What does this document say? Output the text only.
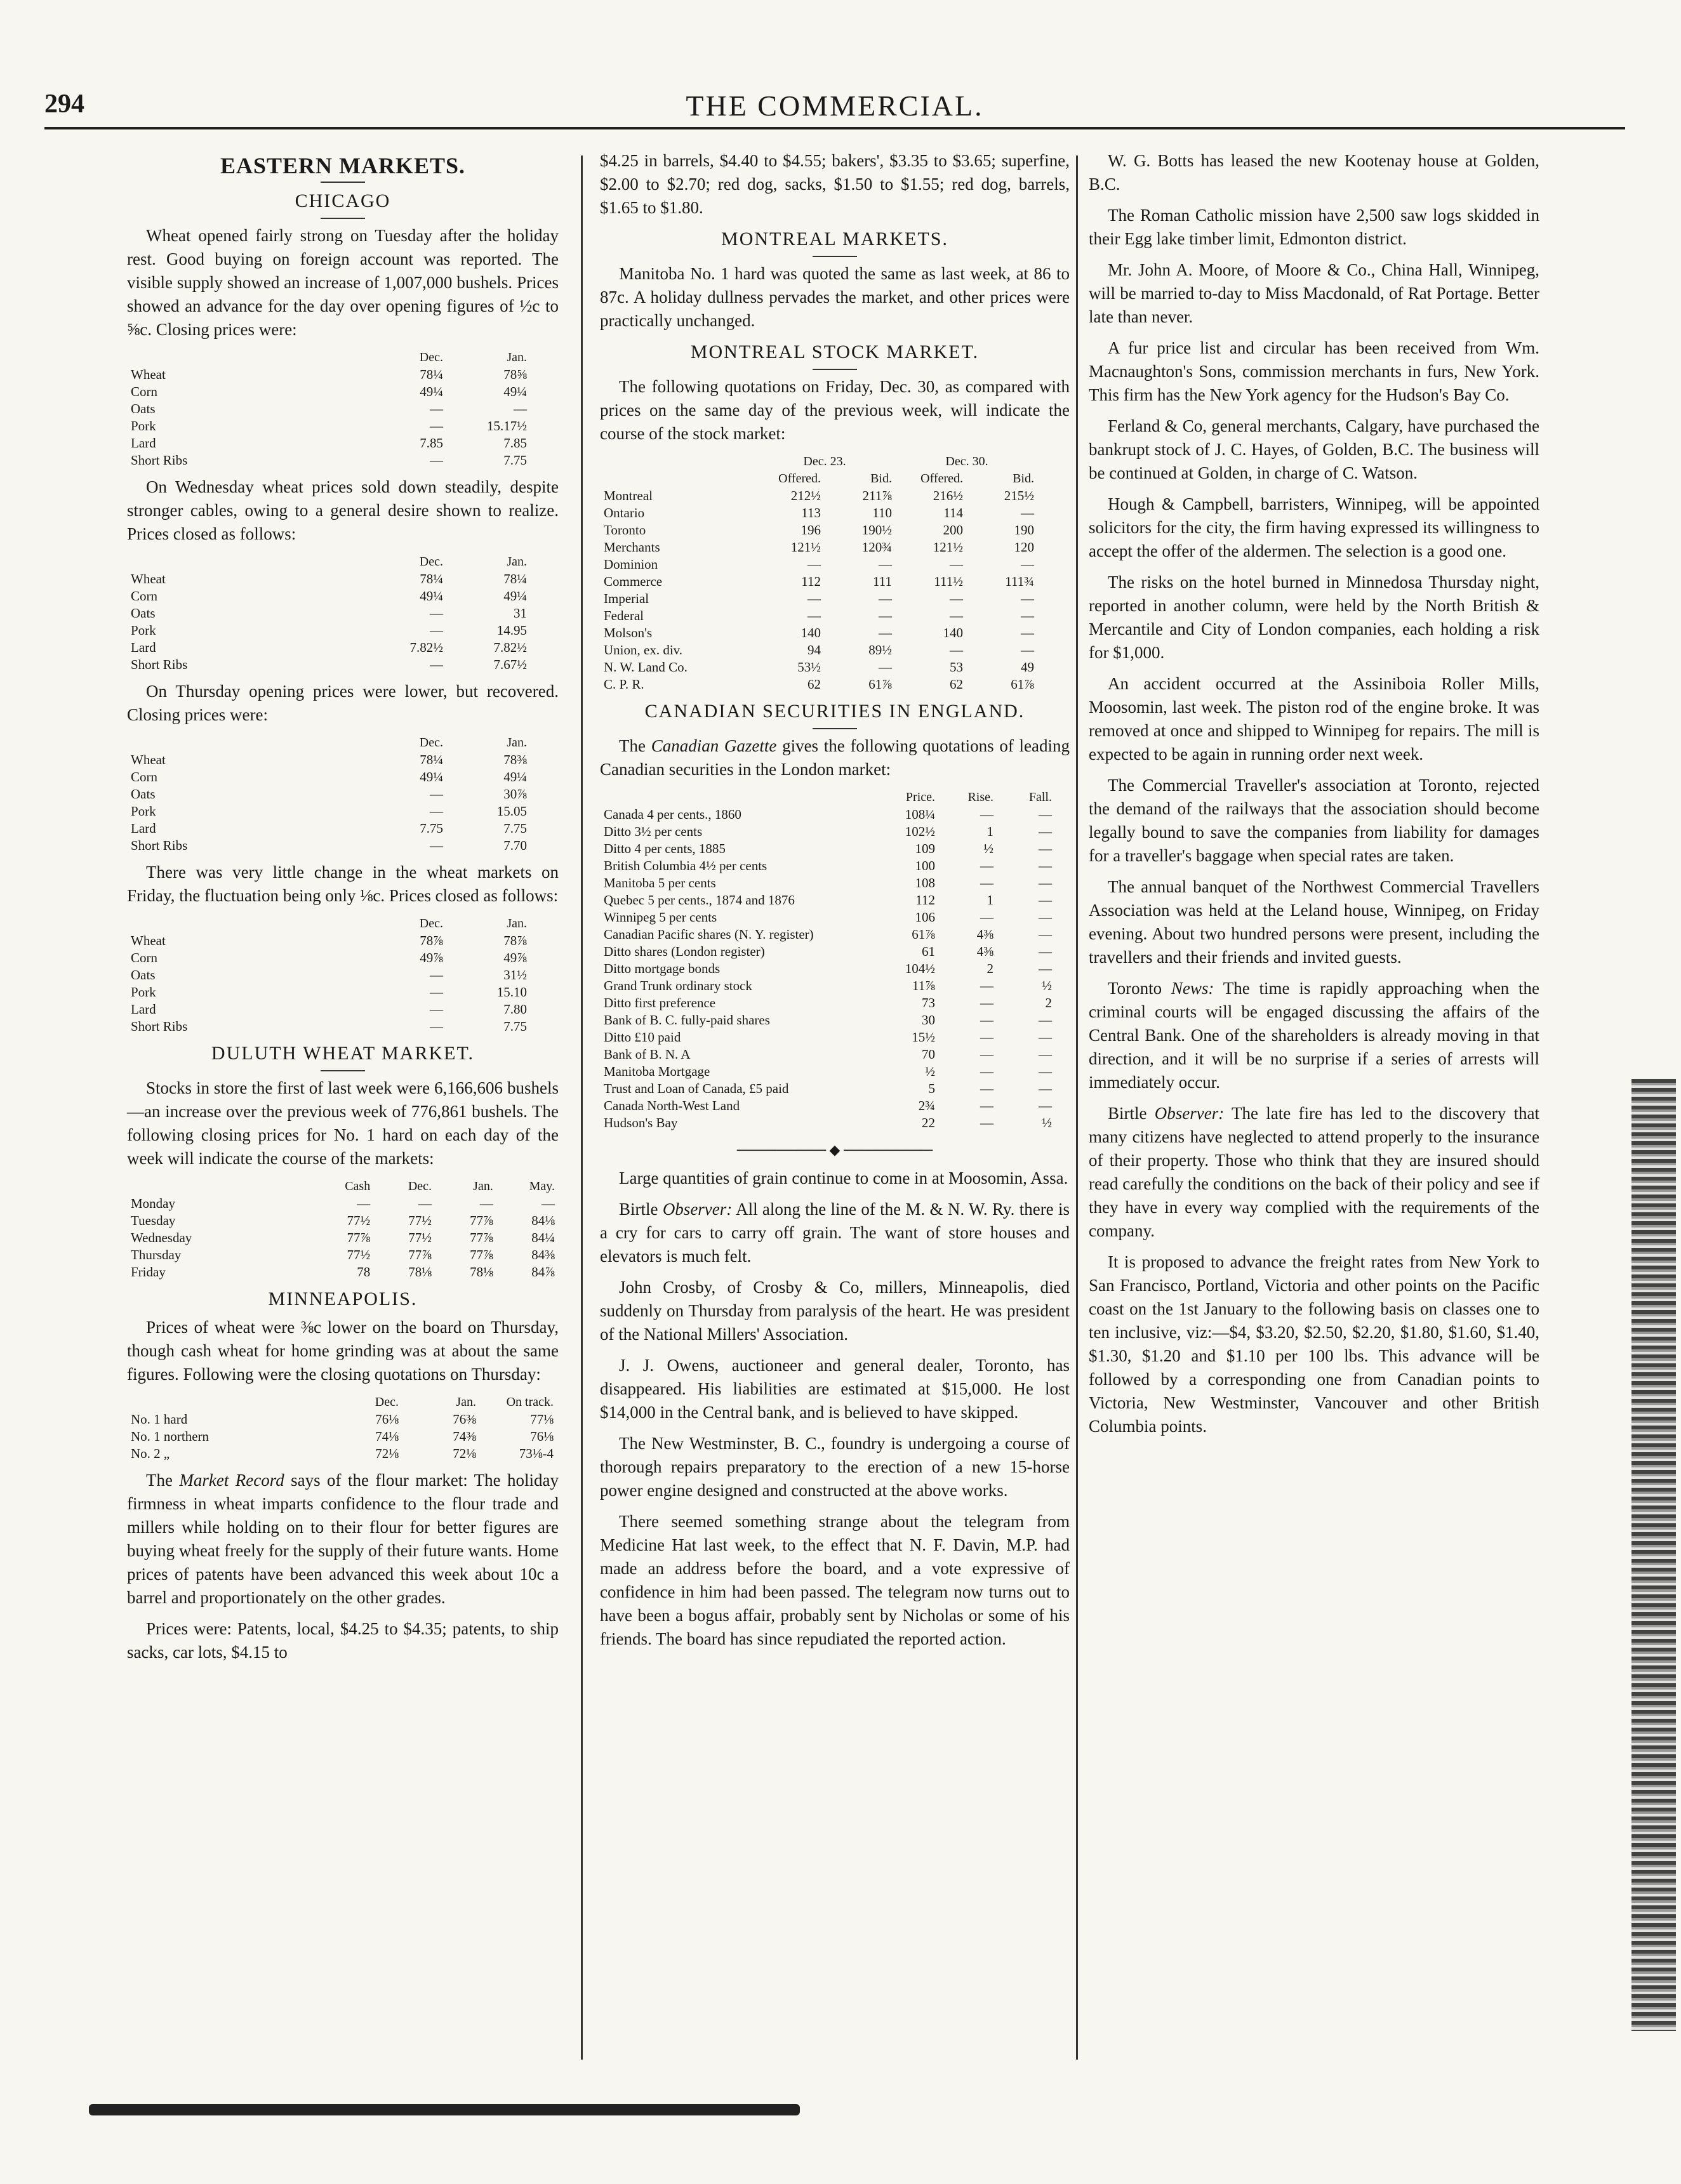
294	THE COMMERCIAL.
EASTERN MARKETS.
CHICAGO

Wheat opened fairly strong on Tuesday after the holiday rest. Good buying on foreign account was reported. The visible supply showed an increase of 1,007,000 bushels. Prices showed an advance for the day over opening figures of ½c to ⅝c. Closing prices were:

	Dec.	Jan.
Wheat	78¼	78⅝
Corn	49¼	49¼
Oats	—	—
Pork	—	15.17½
Lard	7.85	7.85
Short Ribs	—	7.75

On Wednesday wheat prices sold down steadily, despite stronger cables, owing to a general desire shown to realize. Prices closed as follows:

	Dec.	Jan.
Wheat	78¼	78¼
Corn	49¼	49¼
Oats	—	31
Pork	—	14.95
Lard	7.82½	7.82½
Short Ribs	—	7.67½

On Thursday opening prices were lower, but recovered. Closing prices were:

	Dec.	Jan.
Wheat	78¼	78⅜
Corn	49¼	49¼
Oats	—	30⅞
Pork	—	15.05
Lard	7.75	7.75
Short Ribs	—	7.70

There was very little change in the wheat markets on Friday, the fluctuation being only ⅛c. Prices closed as follows:

	Dec.	Jan.
Wheat	78⅞	78⅞
Corn	49⅞	49⅞
Oats	—	31½
Pork	—	15.10
Lard	—	7.80
Short Ribs	—	7.75
DULUTH WHEAT MARKET.

Stocks in store the first of last week were 6,166,606 bushels—an increase over the previous week of 776,861 bushels. The following closing prices for No. 1 hard on each day of the week will indicate the course of the markets:

	Cash	Dec.	Jan.	May.
Monday	—	—	—	—
Tuesday	77½	77½	77⅞	84⅛
Wednesday	77⅞	77½	77⅞	84¼
Thursday	77½	77⅞	77⅞	84⅜
Friday	78	78⅛	78⅛	84⅞
MINNEAPOLIS.

Prices of wheat were ⅜c lower on the board on Thursday, though cash wheat for home grinding was at about the same figures. Following were the closing quotations on Thursday:

	Dec.	Jan.	On track.
No. 1 hard	76⅛	76⅜	77⅛
No. 1 northern	74⅛	74⅜	76⅛
No. 2 „	72⅛	72⅛	73⅛-4

The Market Record says of the flour market: The holiday firmness in wheat imparts confidence to the flour trade and millers while holding on to their flour for better figures are buying wheat freely for the supply of their future wants. Home prices of patents have been advanced this week about 10c a barrel and proportionately on the other grades.

Prices were: Patents, local, $4.25 to $4.35; patents, to ship sacks, car lots, $4.15 to

$4.25 in barrels, $4.40 to $4.55; bakers', $3.35 to $3.65; superfine, $2.00 to $2.70; red dog, sacks, $1.50 to $1.55; red dog, barrels, $1.65 to $1.80.

MONTREAL MARKETS.

Manitoba No. 1 hard was quoted the same as last week, at 86 to 87c. A holiday dullness pervades the market, and other prices were practically unchanged.

MONTREAL STOCK MARKET.

The following quotations on Friday, Dec. 30, as compared with prices on the same day of the previous week, will indicate the course of the stock market:

	Dec. 23.		Dec. 30.	
	Offered.	Bid.	Offered.	Bid.
Montreal	212½	211⅞	216½	215½
Ontario	113	110	114	—
Toronto	196	190½	200	190
Merchants	121½	120¾	121½	120
Dominion	—	—	—	—
Commerce	112	111	111½	111¾
Imperial	—	—	—	—
Federal	—	—	—	—
Molson's	140	—	140	—
Union, ex. div.	94	89½	—	—
N. W. Land Co.	53½	—	53	49
C. P. R.	62	61⅞	62	61⅞
CANADIAN SECURITIES IN ENGLAND.

The Canadian Gazette gives the following quotations of leading Canadian securities in the London market:

	Price.	Rise.	Fall.
Canada 4 per cents., 1860	108¼	—	—
Ditto 3½ per cents	102½	1	—
Ditto 4 per cents, 1885	109	½	—
British Columbia 4½ per cents	100	—	—
Manitoba 5 per cents	108	—	—
Quebec 5 per cents., 1874 and 1876	112	1	—
Winnipeg 5 per cents	106	—	—
Canadian Pacific shares (N. Y. register)	61⅞	4⅜	—
Ditto shares (London register)	61	4⅜	—
Ditto mortgage bonds	104½	2	—
Grand Trunk ordinary stock	11⅞	—	½
Ditto first preference	73	—	2
Bank of B. C. fully-paid shares	30	—	—
Ditto £10 paid	15½	—	—
Bank of B. N. A	70	—	—
Manitoba Mortgage	½	—	—
Trust and Loan of Canada, £5 paid	5	—	—
Canada North-West Land	2¾	—	—
Hudson's Bay	22	—	½
───────── ◆ ─────────

Large quantities of grain continue to come in at Moosomin, Assa.

Birtle Observer: All along the line of the M. & N. W. Ry. there is a cry for cars to carry off grain. The want of store houses and elevators is much felt.

John Crosby, of Crosby & Co, millers, Minneapolis, died suddenly on Thursday from paralysis of the heart. He was president of the National Millers' Association.

J. J. Owens, auctioneer and general dealer, Toronto, has disappeared. His liabilities are estimated at $15,000. He lost $14,000 in the Central bank, and is believed to have skipped.

The New Westminster, B. C., foundry is undergoing a course of thorough repairs preparatory to the erection of a new 15-horse power engine designed and constructed at the above works.

There seemed something strange about the telegram from Medicine Hat last week, to the effect that N. F. Davin, M.P. had made an address before the board, and a vote expressive of confidence in him had been passed. The telegram now turns out to have been a bogus affair, probably sent by Nicholas or some of his friends. The board has since repudiated the reported action.

W. G. Botts has leased the new Kootenay house at Golden, B.C.

The Roman Catholic mission have 2,500 saw logs skidded in their Egg lake timber limit, Edmonton district.

Mr. John A. Moore, of Moore & Co., China Hall, Winnipeg, will be married to-day to Miss Macdonald, of Rat Portage. Better late than never.

A fur price list and circular has been received from Wm. Macnaughton's Sons, commission merchants in furs, New York. This firm has the New York agency for the Hudson's Bay Co.

Ferland & Co, general merchants, Calgary, have purchased the bankrupt stock of J. C. Hayes, of Golden, B.C. The business will be continued at Golden, in charge of C. Watson.

Hough & Campbell, barristers, Winnipeg, will be appointed solicitors for the city, the firm having expressed its willingness to accept the offer of the aldermen. The selection is a good one.

The risks on the hotel burned in Minnedosa Thursday night, reported in another column, were held by the North British & Mercantile and City of London companies, each holding a risk for $1,000.

An accident occurred at the Assiniboia Roller Mills, Moosomin, last week. The piston rod of the engine broke. It was removed at once and shipped to Winnipeg for repairs. The mill is expected to be again in running order next week.

The Commercial Traveller's association at Toronto, rejected the demand of the railways that the association should become legally bound to save the companies from liability for damages for a traveller's baggage when special rates are taken.

The annual banquet of the Northwest Commercial Travellers Association was held at the Leland house, Winnipeg, on Friday evening. About two hundred persons were present, including the travellers and their friends and invited guests.

Toronto News: The time is rapidly approaching when the criminal courts will be engaged discussing the affairs of the Central Bank. One of the shareholders is already moving in that direction, and it will be no surprise if a series of arrests will immediately occur.

Birtle Observer: The late fire has led to the discovery that many citizens have neglected to attend properly to the insurance of their property. Those who think that they are insured should read carefully the conditions on the back of their policy and see if they have in every way complied with the requirements of the company.

It is proposed to advance the freight rates from New York to San Francisco, Portland, Victoria and other points on the Pacific coast on the 1st January to the following basis on classes one to ten inclusive, viz:—$4, $3.20, $2.50, $2.20, $1.80, $1.60, $1.40, $1.30, $1.20 and $1.10 per 100 lbs. This advance will be followed by a corresponding one from Canadian points to Victoria, New Westminster, Vancouver and other British Columbia points.
